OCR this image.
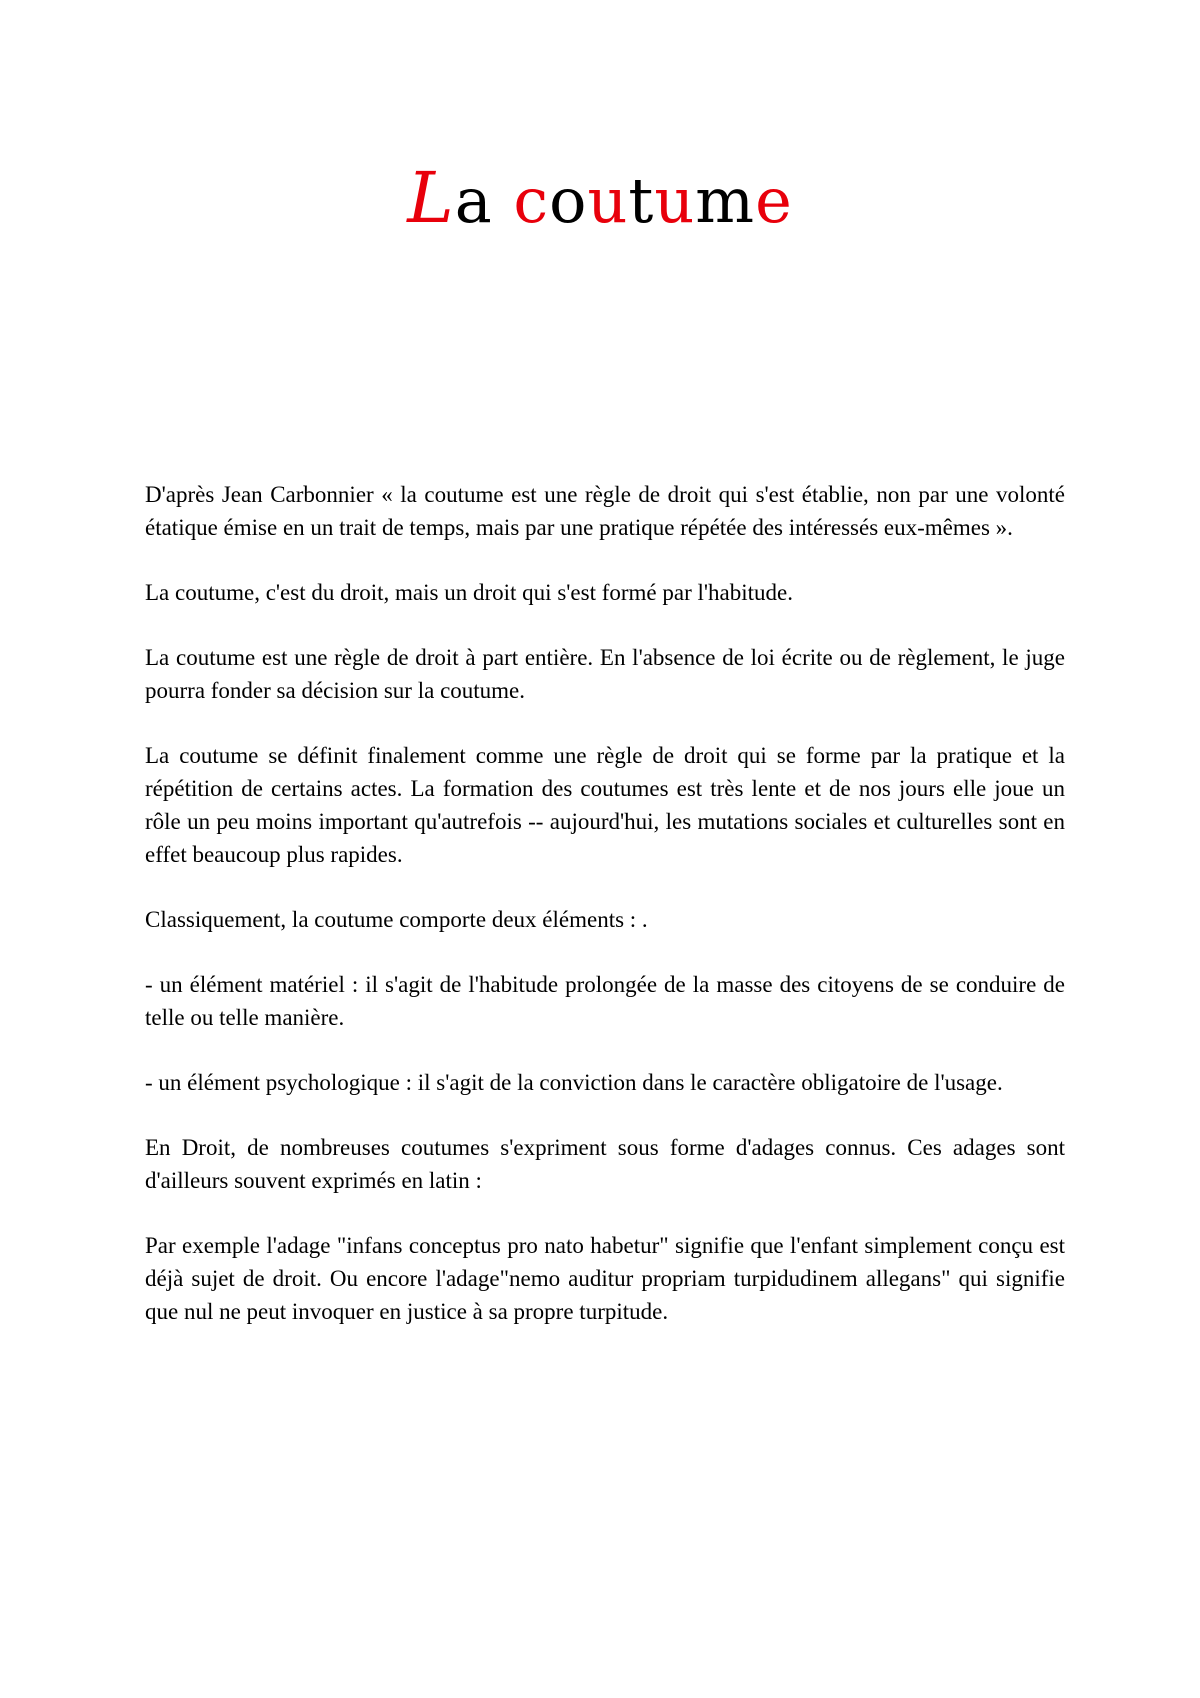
La coutume

D'après Jean Carbonnier « la coutume est une règle de droit qui s'est établie, non par une volonté étatique émise en un trait de temps, mais par une pratique répétée des intéressés eux-mêmes ».

La coutume, c'est du droit, mais un droit qui s'est formé par l'habitude.

La coutume est une règle de droit à part entière. En l'absence de loi écrite ou de règlement, le juge pourra fonder sa décision sur la coutume.

La coutume se définit finalement comme une règle de droit qui se forme par la pratique et la répétition de certains actes. La formation des coutumes est très lente et de nos jours elle joue un rôle un peu moins important qu'autrefois -- aujourd'hui, les mutations sociales et culturelles sont en effet beaucoup plus rapides.

Classiquement, la coutume comporte deux éléments : .

- un élément matériel : il s'agit de l'habitude prolongée de la masse des citoyens de se conduire de telle ou telle manière.

- un élément psychologique : il s'agit de la conviction dans le caractère obligatoire de l'usage.

En Droit, de nombreuses coutumes s'expriment sous forme d'adages connus. Ces adages sont d'ailleurs souvent exprimés en latin :

Par exemple l'adage "infans conceptus pro nato habetur" signifie que l'enfant simplement conçu est déjà sujet de droit. Ou encore l'adage"nemo auditur propriam turpidudinem allegans" qui signifie que nul ne peut invoquer en justice à sa propre turpitude.
